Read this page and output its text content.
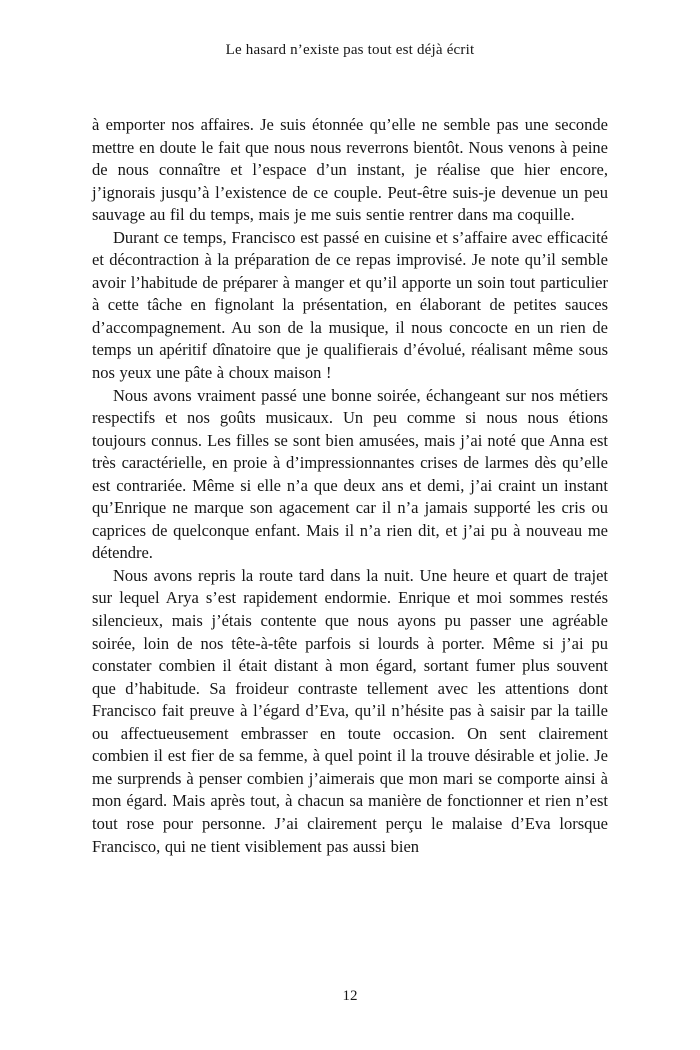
Le hasard n’existe pas tout est déjà écrit

à emporter nos affaires. Je suis étonnée qu’elle ne semble pas une seconde mettre en doute le fait que nous nous reverrons bientôt. Nous venons à peine de nous connaître et l’espace d’un instant, je réalise que hier encore, j’ignorais jusqu’à l’existence de ce couple. Peut-être suis-je devenue un peu sauvage au fil du temps, mais je me suis sentie rentrer dans ma coquille.

Durant ce temps, Francisco est passé en cuisine et s’affaire avec efficacité et décontraction à la préparation de ce repas improvisé. Je note qu’il semble avoir l’habitude de préparer à manger et qu’il apporte un soin tout particulier à cette tâche en fignolant la présentation, en élaborant de petites sauces d’accompagnement. Au son de la musique, il nous concocte en un rien de temps un apéritif dînatoire que je qualifierais d’évolué, réalisant même sous nos yeux une pâte à choux maison !

Nous avons vraiment passé une bonne soirée, échangeant sur nos métiers respectifs et nos goûts musicaux. Un peu comme si nous nous étions toujours connus. Les filles se sont bien amusées, mais j’ai noté que Anna est très caractérielle, en proie à d’impressionnantes crises de larmes dès qu’elle est contrariée. Même si elle n’a que deux ans et demi, j’ai craint un instant qu’Enrique ne marque son agacement car il n’a jamais supporté les cris ou caprices de quelconque enfant. Mais il n’a rien dit, et j’ai pu à nouveau me détendre.

Nous avons repris la route tard dans la nuit. Une heure et quart de trajet sur lequel Arya s’est rapidement endormie. Enrique et moi sommes restés silencieux, mais j’étais contente que nous ayons pu passer une agréable soirée, loin de nos tête-à-tête parfois si lourds à porter. Même si j’ai pu constater combien il était distant à mon égard, sortant fumer plus souvent que d’habitude. Sa froideur contraste tellement avec les attentions dont Francisco fait preuve à l’égard d’Eva, qu’il n’hésite pas à saisir par la taille ou affectueusement embrasser en toute occasion. On sent clairement combien il est fier de sa femme, à quel point il la trouve désirable et jolie. Je me surprends à penser combien j’aimerais que mon mari se comporte ainsi à mon égard. Mais après tout, à chacun sa manière de fonctionner et rien n’est tout rose pour personne. J’ai clairement perçu le malaise d’Eva lorsque Francisco, qui ne tient visiblement pas aussi bien

12
